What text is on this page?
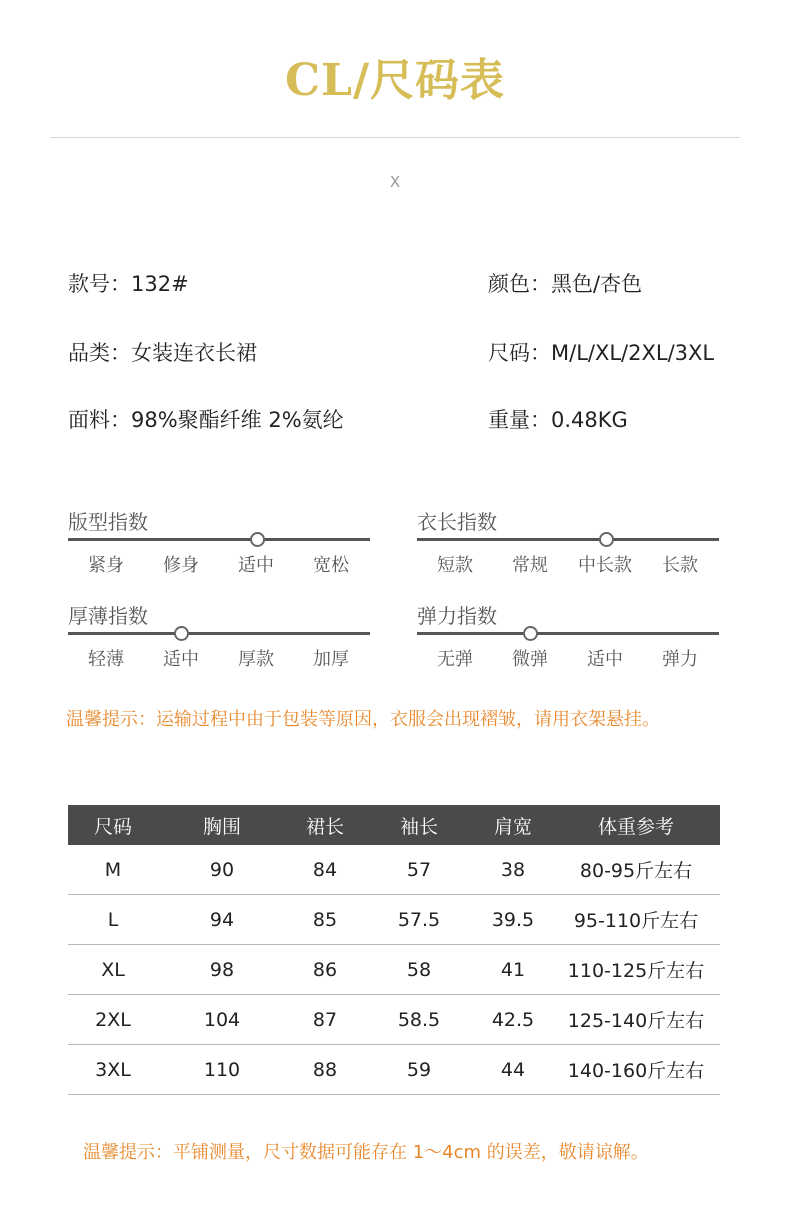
CL/尺码表
X
款号：132#	颜色：黑色/杏色
品类：女装连衣长裙	尺码：M/L/XL/2XL/3XL
面料：98%聚酯纤维 2%氨纶	重量：0.48KG
版型指数
紧身	修身	适中	宽松
衣长指数
短款	常规	中长款	长款
厚薄指数
轻薄	适中	厚款	加厚
弹力指数
无弹	微弹	适中	弹力
温馨提示：运输过程中由于包装等原因，衣服会出现褶皱，请用衣架悬挂。
尺码	胸围	裙长	袖长	肩宽	体重参考
M	90	84	57	38	80-95斤左右
L	94	85	57.5	39.5	95-110斤左右
XL	98	86	58	41	110-125斤左右
2XL	104	87	58.5	42.5	125-140斤左右
3XL	110	88	59	44	140-160斤左右
温馨提示：平铺测量，尺寸数据可能存在 1～4cm 的误差，敬请谅解。
